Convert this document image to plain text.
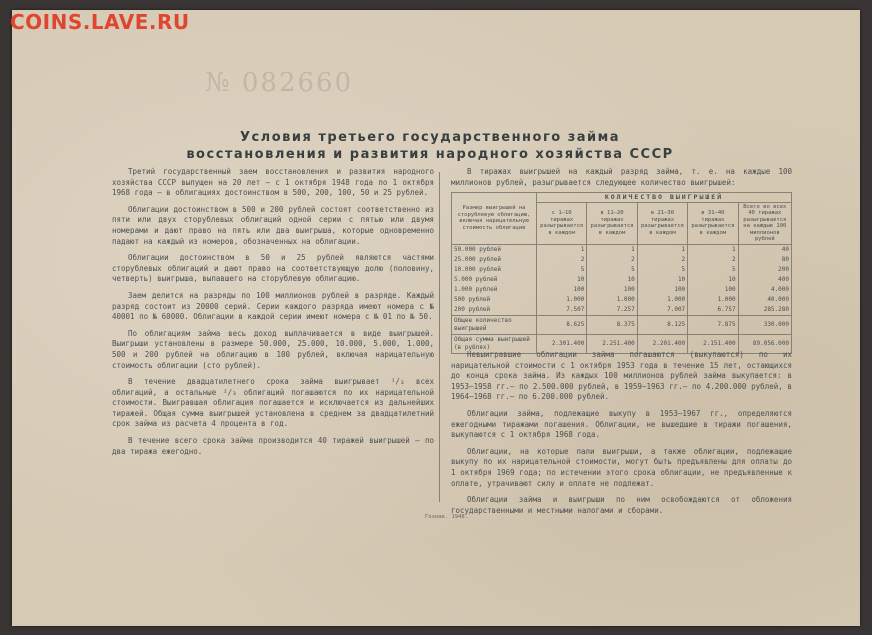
COINS.LAVE.RU
№ 082660
Условия третьего государственного займа
восстановления и развития народного хозяйства СССР

Третий государственный заем восстановления и развития народного хозяйства СССР выпущен на 20 лет — с 1 октября 1948 года по 1 октября 1968 года — в облигациях достоинством в 500, 200, 100, 50 и 25 рублей.

Облигации достоинством в 500 и 200 рублей состоят соответственно из пяти или двух сторублевых облигаций одной серии с пятью или двумя номерами и дают право на пять или два выигрыша, которые одновременно падают на каждый из номеров, обозначенных на облигации.

Облигации достоинством в 50 и 25 рублей являются частями сторублевых облигаций и дают право на соответствующую долю (половину, четверть) выигрыша, выпавшего на сторублевую облигацию.

Заем делится на разряды по 100 миллионов рублей в разряде. Каждый разряд состоит из 20000 серий. Серии каждого разряда имеют номера с № 40001 по № 60000. Облигации в каждой серии имеют номера с № 01 по № 50.

По облигациям займа весь доход выплачивается в виде выигрышей. Выигрыши установлены в размере 50.000, 25.000, 10.000, 5.000, 1.000, 500 и 200 рублей на облигацию в 100 рублей, включая нарицательную стоимость облигации (сто рублей).

В течение двадцатилетнего срока займа выигрывает ¹/₃ всех облигаций, а остальные ²/₃ облигаций погашаются по их нарицательной стоимости. Выигравшая облигация погашается и исключается из дальнейших тиражей. Общая сумма выигрышей установлена в среднем за двадцатилетний срок займа из расчета 4 процента в год.

В течение всего срока займа производится 40 тиражей выигрышей — по два тиража ежегодно.

В тиражах выигрышей на каждый разряд займа, т. е. на каждые 100 миллионов рублей, разыгрывается следующее количество выигрышей:

Размер выигрышей на сторублевую облигацию, включая нарицательную стоимость облигации	КОЛИЧЕСТВО ВЫИГРЫШЕЙ				
	с 1—10 тиражах разыгрывается в каждом	в 11—20 тиражах разыгрывается в каждом	в 21—30 тиражах разыгрывается в каждом	в 31—40 тиражах разыгрывается в каждом	Всего во всех 40 тиражах разыгрывается на каждые 100 миллионов рублей
50.000 рублей	1	1	1	1	40
25.000 рублей	2	2	2	2	80
10.000 рублей	5	5	5	5	200
5.000 рублей	10	10	10	10	400
1.000 рублей	100	100	100	100	4.000
500 рублей	1.000	1.000	1.000	1.000	40.000
200 рублей	7.507	7.257	7.007	6.757	285.280
Общее количество выигрышей	8.625	8.375	8.125	7.875	330.000
Общая сумма выигрышей (в рублях)	2.301.400	2.251.400	2.201.400	2.151.400	89.056.000

Невыигравшие облигации займа погашаются (выкупаются) по их нарицательной стоимости с 1 октября 1953 года в течение 15 лет, остающихся до конца срока займа. Из каждых 100 миллионов рублей займа выкупается: в 1953—1958 гг.— по 2.500.000 рублей, в 1959—1963 гг.— по 4.200.000 рублей, в 1964—1968 гг.— по 6.200.000 рублей.

Облигации займа, подлежащие выкупу в 1953—1967 гг., определяются ежегодными тиражами погашения. Облигации, не вышедшие в тиражи погашения, выкупаются с 1 октября 1968 года.

Облигации, на которые пали выигрыши, а также облигации, подлежащие выкупу по их нарицательной стоимости, могут быть предъявлены для оплаты до 1 октября 1969 года; по истечении этого срока облигации, не предъявленные к оплате, утрачивают силу и оплате не подлежат.

Облигации займа и выигрыши по ним освобождаются от обложения государственными и местными налогами и сборами.

Гознак. 1948.
